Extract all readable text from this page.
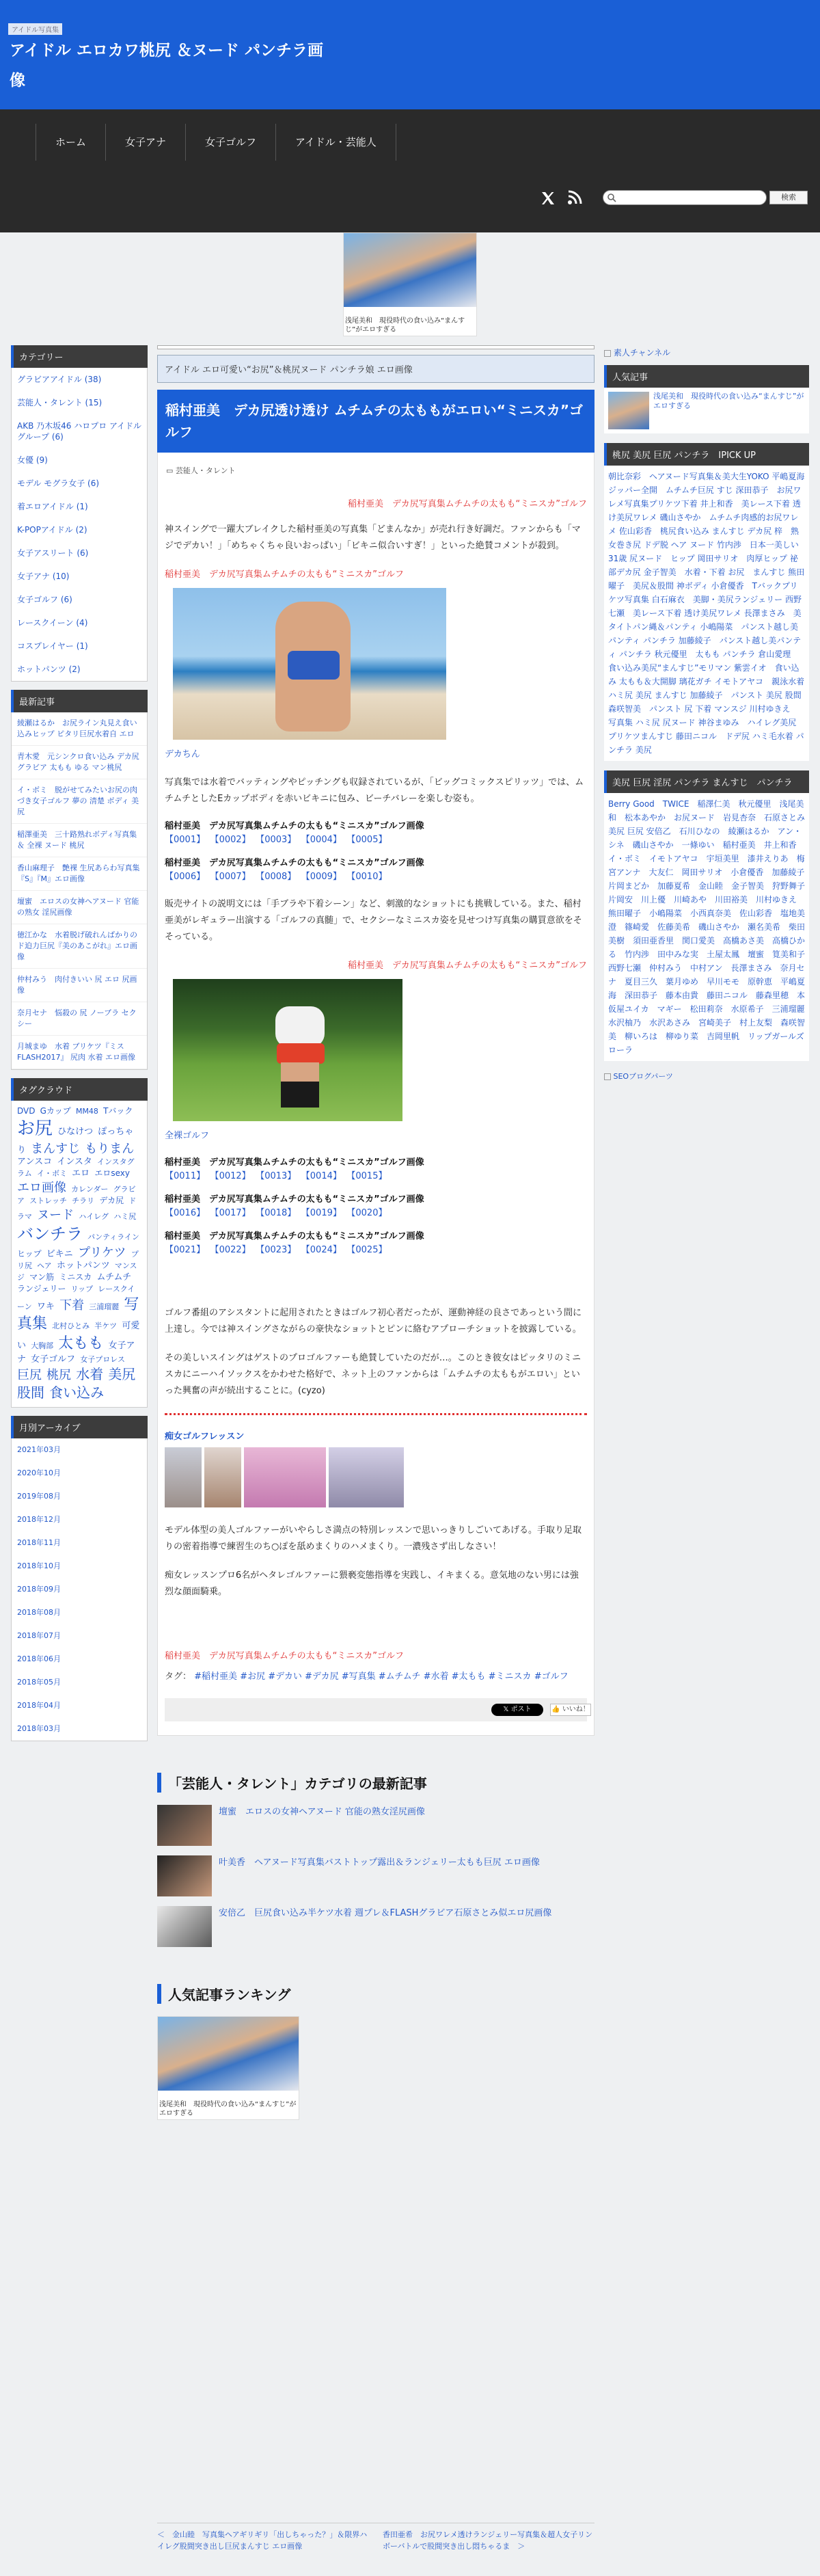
アイドル写真集
アイドル エロカワ桃尻 ＆ヌード パンチラ画像
ホーム	女子アナ	女子ゴルフ	アイドル・芸能人
検索
浅尾美和　現役時代の食い込み“まんすじ”がエロすぎる
カテゴリー
グラビアアイドル (38)
芸能人・タレント (15)
AKB 乃木坂46 ハロプロ アイドルグループ (6)
女優 (9)
モデル モグラ女子 (6)
着エロアイドル (1)
K-POPアイドル (2)
女子アスリート (6)
女子アナ (10)
女子ゴルフ (6)
レースクイーン (4)
コスプレイヤー (1)
ホットパンツ (2)
最新記事
綾瀬はるか　お尻ライン丸見え食い込みヒップ ピタリ巨尻水着自 エロ
青木愛　元シンクロ食い込み デカ尻 グラビア 太もも ゆる マン桃尻
イ・ボミ　脱がせてみたいお尻の肉づき女子ゴルフ 夢の 清楚 ボディ 美尻
稲澤亜美　三十路熟れボディ写真集 ＆ 全裸 ヌード 桃尻
香山麻理子　艶裸 生尻あらわ写真集 『S』『M』エロ画像
壇蜜　エロスの女神ヘアヌード 官能の熟女 淫尻画像
徳江かな　水着脱げ破れんばかりのド迫力巨尻『美のあこがれ』エロ画像
仲村みう　肉付きいい 尻 エロ 尻画像
奈月セナ　悩殺の 尻 ノーブラ セクシー
月城まゆ　水着 ブリケツ『ミスFLASH2017』 尻肉 水着 エロ画像
タグクラウド
DVD Gカップ MM48 Tバック お尻 ひなけつ ぽっちゃり まんすじ もりまん アンスコ インスタ インスタグラム イ・ボミ エロ エロsexy エロ画像 カレンダー グラビア ストレッチ チラリ デカ尻 ドラマ ヌード ハイレグ ハミ尻 バンチラ パンティライン ヒップ ビキニ プリケツ プリ尻 ヘア ホットパンツ マンスジ マン筋 ミニスカ ムチムチ ランジェリー リップ レースクイーン ワキ 下着 三浦瑠麗 写真集 北村ひとみ 半ケツ 可愛い 大胸部 太もも 女子アナ 女子ゴルフ 女子プロレス 巨尻 桃尻 水着 美尻 股間 食い込み
月別アーカイブ
2021年03月
2020年10月
2019年08月
2018年12月
2018年11月
2018年10月
2018年09月
2018年08月
2018年07月
2018年06月
2018年05月
2018年04月
2018年03月
アイドル エロ可愛い“お尻”＆桃尻ヌード パンチラ娘 エロ画像
稲村亜美　デカ尻透け透け ムチムチの太ももがエロい“ミニスカ”ゴルフ
▭ 芸能人・タレント
稲村亜美　デカ尻写真集ムチムチの太もも“ミニスカ”ゴルフ

神スイングで一躍大ブレイクした稲村亜美の写真集「どまんなか」が売れ行き好調だ。ファンからも「マジでデカい！」「めちゃくちゃ良いおっぱい」「ビキニ似合いすぎ！」といった絶賛コメントが殺到。

稲村亜美　デカ尻写真集ムチムチの太もも“ミニスカ”ゴルフ
デカちん

写真集では水着でバッティングやピッチングも収録されているが、「ビッグコミックスピリッツ」では、ムチムチとしたEカップボディを赤いビキニに包み、ビーチバレーを楽しむ姿も。

稲村亜美　デカ尻写真集ムチムチの太もも“ミニスカ”ゴルフ画像
【0001】 【0002】 【0003】 【0004】 【0005】
稲村亜美　デカ尻写真集ムチムチの太もも“ミニスカ”ゴルフ画像
【0006】 【0007】 【0008】 【0009】 【0010】

販売サイトの説明文には「手ブラや下着シーン」など、刺激的なショットにも挑戦している。また、稲村亜美がレギュラー出演する「ゴルフの真髄」で、セクシーなミニスカ姿を見せつけ写真集の購買意欲をそそっている。

稲村亜美　デカ尻写真集ムチムチの太もも“ミニスカ”ゴルフ
全裸ゴルフ
稲村亜美　デカ尻写真集ムチムチの太もも“ミニスカ”ゴルフ画像
【0011】 【0012】 【0013】 【0014】 【0015】
稲村亜美　デカ尻写真集ムチムチの太もも“ミニスカ”ゴルフ画像
【0016】 【0017】 【0018】 【0019】 【0020】
稲村亜美　デカ尻写真集ムチムチの太もも“ミニスカ”ゴルフ画像
【0021】 【0022】 【0023】 【0024】 【0025】

ゴルフ番組のアシスタントに起用されたときはゴルフ初心者だったが、運動神経の良さであっという間に上達し。今では神スイングさながらの豪快なショットとピンに絡むアプローチショットを披露している。

その美しいスイングはゲストのプロゴルファーも絶賛していたのだが…。このとき彼女はピッタリのミニスカにニーハイソックスをかわせた格好で、ネット上のファンからは「ムチムチの太ももがエロい」といった興奮の声が続出することに。(cyzo)

痴女ゴルフレッスン

モデル体型の美人ゴルファーがいやらしさ満点の特別レッスンで思いっきりしごいてあげる。手取り足取りの密着指導で練習生のち○ぽを舐めまくりのハメまくり。一濃残さず出しなさい！

痴女レッスンプロ6名がヘタレゴルファーに猥褻変態指導を実践し、イキまくる。意気地のない男には強烈な顔面騎乗。

稲村亜美　デカ尻写真集ムチムチの太もも“ミニスカ”ゴルフ
タグ： #稲村亜美 #お尻 #デカい #デカ尻 #写真集 #ムチムチ #水着 #太もも #ミニスカ #ゴルフ
𝕏 ポスト	👍 いいね！
「芸能人・タレント」カテゴリの最新記事
壇蜜　エロスの女神ヘアヌード 官能の熟女淫尻画像
叶美香　ヘアヌード写真集バストトップ露出＆ランジェリー太もも巨尻 エロ画像
安倍乙　巨尻食い込み半ケツ水着 週プレ＆FLASHグラビア石原さとみ似エロ尻画像
人気記事ランキング
浅尾美和　現役時代の食い込み“まんすじ”がエロすぎる
＜　金山睦　写真集ヘアギリギリ「出しちゃった？」＆限界ハイレグ股間突き出し巨尻まんすじ エロ画像
香田亜希　お尻ワレメ透けランジェリー写真集＆超人女子リンボーバトルで股間突き出し悶ちゃるま　＞
素人チャンネル
人気記事
浅尾美和　現役時代の食い込み“まんすじ”がエロすぎる
桃尻 美尻 巨尻 パンチラ　IPICK UP
朝比奈彩　ヘアヌード写真集＆美大生YOKO 平嶋夏海　ジッパー全開　ムチムチ巨尻 すじ 深田恭子　お尻ワレメ写真集プリケツ下着 井上和香　美レース下着 透け美尻ワレメ 磯山さやか　ムチムチ肉感的お尻ワレメ 佐山彩香　桃尻食い込み まんすじ デカ尻 梓　熟女巻き尻 ドデ脱 ヘア ヌード 竹内渉　日本一美しい31歳 尻ヌード　ヒップ 岡田サリオ　肉厚ヒップ 祕部デカ尻 金子智美　水着・下着 お尻　まんすじ 熊田曜子　美尻＆股間 神ボディ 小倉優香　Tバックプリケツ写真集 白石麻衣　美脚・美尻ランジェリー 西野七瀬　美レース下着 透け美尻ワレメ 長澤まさみ　美タイトパン縄＆パンティ 小嶋陽菜　パンスト越し美パンティ パンチラ 加藤綾子　パンスト越し美パンティ パンチラ 秋元優里　太もも パンチラ 倉山愛理　食い込み美尻“まんすじ”モリマン 紫雲イオ　食い込み 太もも＆大開脚 璃花ガチ イモトアヤコ　親泳水着 ハミ尻 美尻 まんすじ 加藤綾子　パンスト 美尻 股間 森咲智美　パンスト 尻 下着 マンスジ 川村ゆきえ　写真集 ハミ尻 尻ヌード 神谷まゆみ　ハイレグ美尻 プリケツまんすじ 藤田ニコル　ドデ尻 ハミ毛水着 パンチラ 美尻
美尻 巨尻 淫尻 パンチラ まんすじ　パンチラ
Berry Good　TWICE　稲澤仁美　秋元優里　浅尾美和　松本あやか　お尻ヌード　岩見杏奈　石原さとみ　美尻 巨尻 安倍乙　石川ひなの　綾瀬はるか　アン・シネ　磯山さやか　一條ゆい　稲村亜美　井上和香　イ・ボミ　イモトアヤコ　宇垣美里　漆井えりあ　梅宮アンナ　大友仁　岡田サリオ　小倉優香　加藤綾子　片岡まどか　加藤夏希　金山睦　金子智美　狩野舞子　片岡安　川上優　川崎あや　川田裕美　川村ゆきえ　熊田曜子　小嶋陽菜　小西真奈美　佐山彩香　塩地美澄　篠崎愛　佐藤美希　磯山さやか　瀬名美希　柴田美樹　須田亜香里　関口愛美　高橋あさ美　高橋ひかる　竹内渉　田中みな実　土屋太鳳　壇蜜　筧美和子　西野七瀬　仲村みう　中村アン　長澤まさみ　奈月セナ　夏目三久　葉月ゆめ　早川モモ　原幹恵　平嶋夏海　深田恭子　藤本由貴　藤田ニコル　藤森里穂　本仮屋ユイカ　マギー　松田莉奈　水原希子　三浦瑠麗　水沢柚乃　水沢あさみ　宮崎美子　村上友梨　森咲智美　柳いろは　柳ゆり菜　吉岡里帆　リップガールズ　ローラ
SEOブログパーツ
